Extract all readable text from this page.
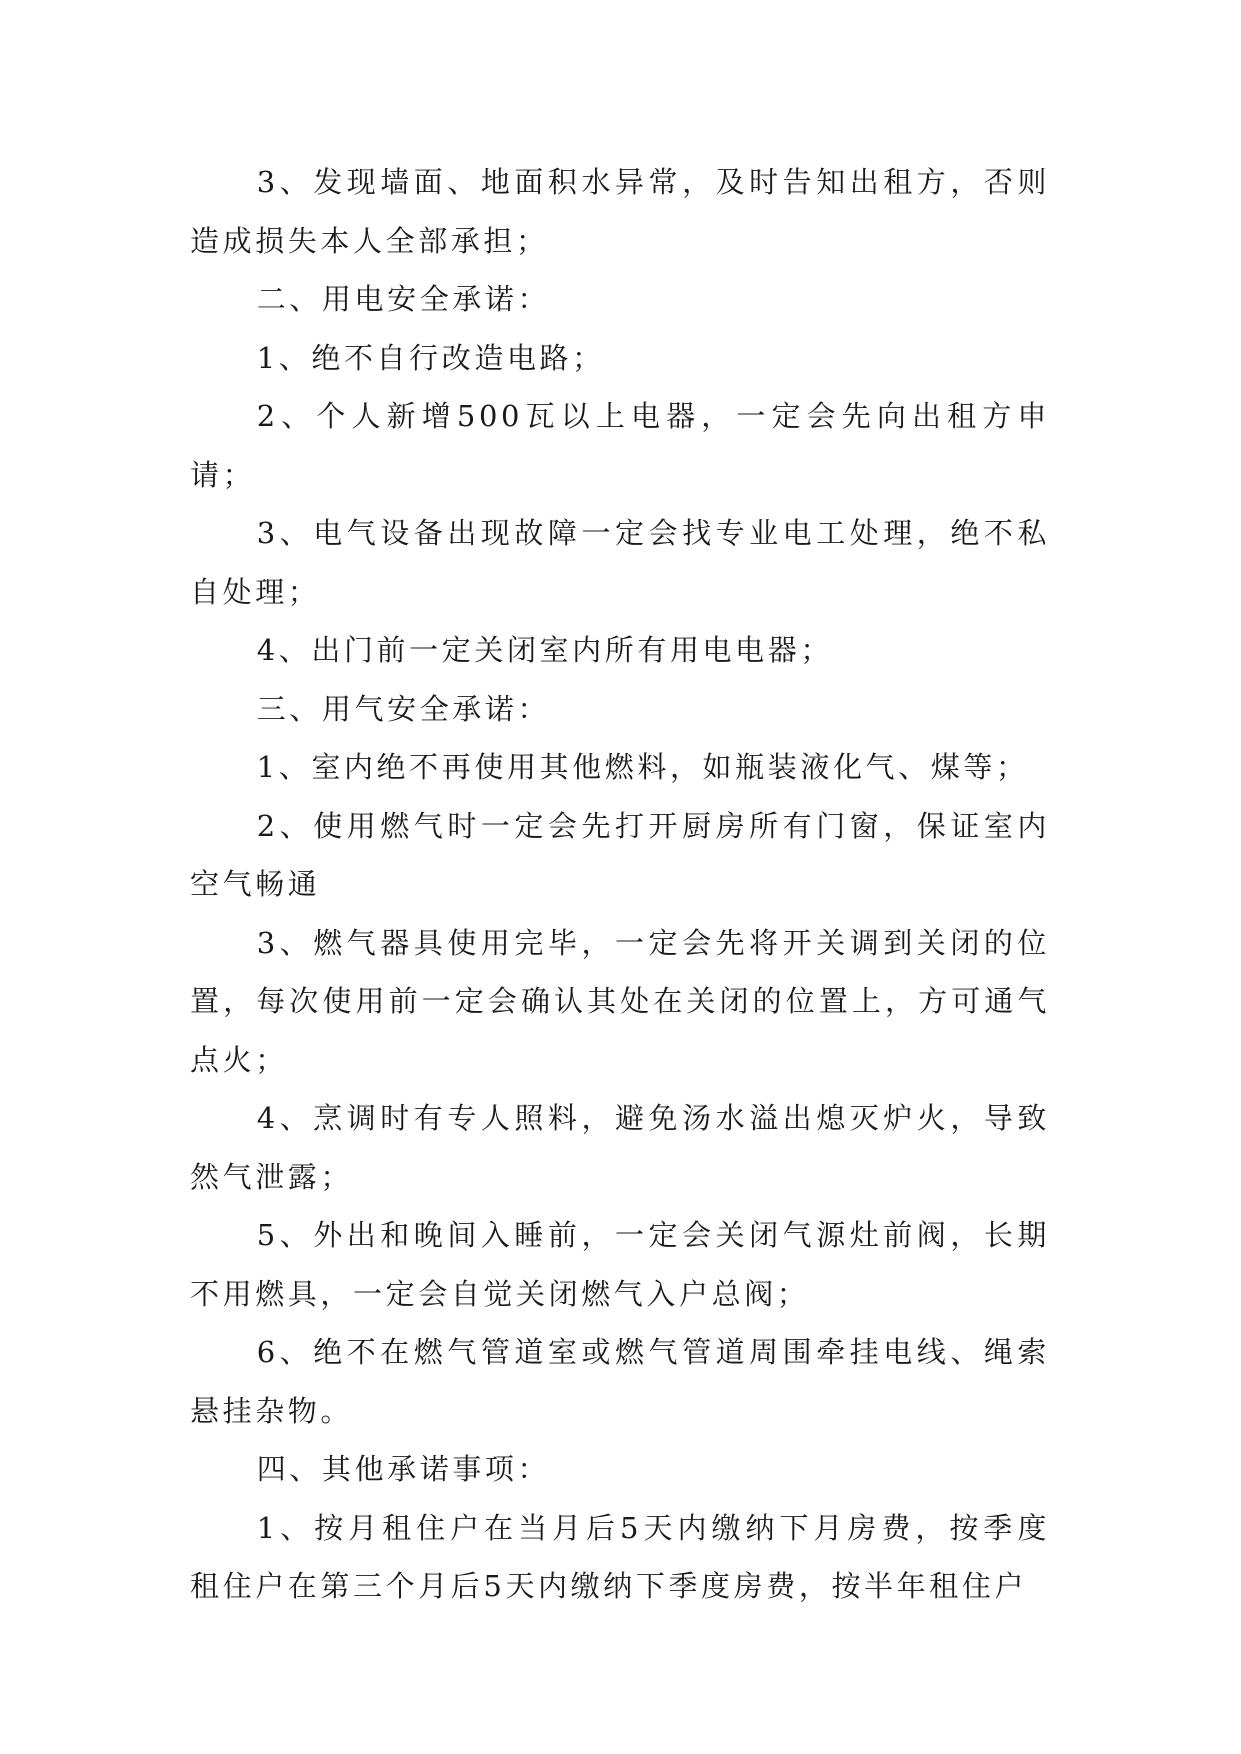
3、发现墙面、地面积水异常，及时告知出租方，否则造成损失本人全部承担；

二、用电安全承诺：

1、绝不自行改造电路；

2、个人新增500瓦以上电器，一定会先向出租方申请；

3、电气设备出现故障一定会找专业电工处理，绝不私自处理；

4、出门前一定关闭室内所有用电电器；

三、用气安全承诺：

1、室内绝不再使用其他燃料，如瓶装液化气、煤等；

2、使用燃气时一定会先打开厨房所有门窗，保证室内空气畅通

3、燃气器具使用完毕，一定会先将开关调到关闭的位置，每次使用前一定会确认其处在关闭的位置上，方可通气点火；

4、烹调时有专人照料，避免汤水溢出熄灭炉火，导致然气泄露；

5、外出和晚间入睡前，一定会关闭气源灶前阀，长期不用燃具，一定会自觉关闭燃气入户总阀；

6、绝不在燃气管道室或燃气管道周围牵挂电线、绳索悬挂杂物。

四、其他承诺事项：

1、按月租住户在当月后5天内缴纳下月房费，按季度租住户在第三个月后5天内缴纳下季度房费，按半年租住户
